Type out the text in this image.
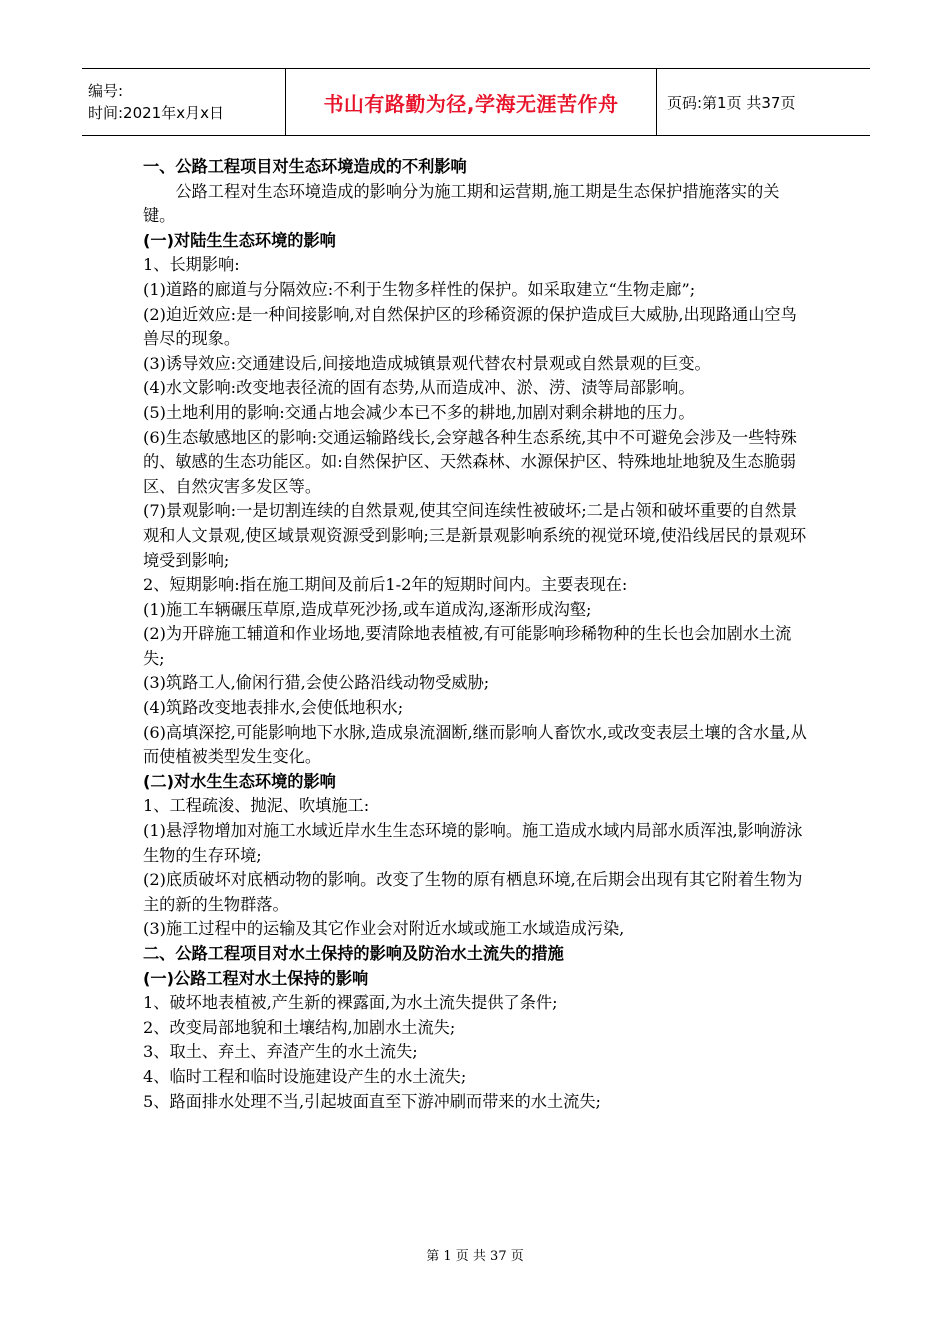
编号:
时间:2021年x月x日	书山有路勤为径,学海无涯苦作舟	页码:第1页 共37页

一、公路工程项目对生态环境造成的不利影响

公路工程对生态环境造成的影响分为施工期和运营期,施工期是生态保护措施落实的关键。

(一)对陆生生态环境的影响

1、长期影响:

(1)道路的廊道与分隔效应:不利于生物多样性的保护。如采取建立“生物走廊”;

(2)迫近效应:是一种间接影响,对自然保护区的珍稀资源的保护造成巨大威胁,出现路通山空鸟兽尽的现象。

(3)诱导效应:交通建设后,间接地造成城镇景观代替农村景观或自然景观的巨变。

(4)水文影响:改变地表径流的固有态势,从而造成冲、淤、涝、渍等局部影响。

(5)土地利用的影响:交通占地会减少本已不多的耕地,加剧对剩余耕地的压力。

(6)生态敏感地区的影响:交通运输路线长,会穿越各种生态系统,其中不可避免会涉及一些特殊的、敏感的生态功能区。如:自然保护区、天然森林、水源保护区、特殊地址地貌及生态脆弱区、自然灾害多发区等。

(7)景观影响:一是切割连续的自然景观,使其空间连续性被破坏;二是占领和破坏重要的自然景观和人文景观,使区域景观资源受到影响;三是新景观影响系统的视觉环境,使沿线居民的景观环境受到影响;

2、短期影响:指在施工期间及前后1-2年的短期时间内。主要表现在:

(1)施工车辆碾压草原,造成草死沙扬,或车道成沟,逐渐形成沟壑;

(2)为开辟施工辅道和作业场地,要清除地表植被,有可能影响珍稀物种的生长也会加剧水土流失;

(3)筑路工人,偷闲行猎,会使公路沿线动物受威胁;

(4)筑路改变地表排水,会使低地积水;

(6)高填深挖,可能影响地下水脉,造成泉流涸断,继而影响人畜饮水,或改变表层土壤的含水量,从而使植被类型发生变化。

(二)对水生生态环境的影响

1、工程疏浚、抛泥、吹填施工:

(1)悬浮物增加对施工水域近岸水生生态环境的影响。施工造成水域内局部水质浑浊,影响游泳生物的生存环境;

(2)底质破坏对底栖动物的影响。改变了生物的原有栖息环境,在后期会出现有其它附着生物为主的新的生物群落。

(3)施工过程中的运输及其它作业会对附近水域或施工水域造成污染,

二、公路工程项目对水土保持的影响及防治水土流失的措施

(一)公路工程对水土保持的影响

1、破坏地表植被,产生新的裸露面,为水土流失提供了条件;

2、改变局部地貌和土壤结构,加剧水土流失;

3、取土、弃土、弃渣产生的水土流失;

4、临时工程和临时设施建设产生的水土流失;

5、路面排水处理不当,引起坡面直至下游冲刷而带来的水土流失;

第 1 页 共 37 页
